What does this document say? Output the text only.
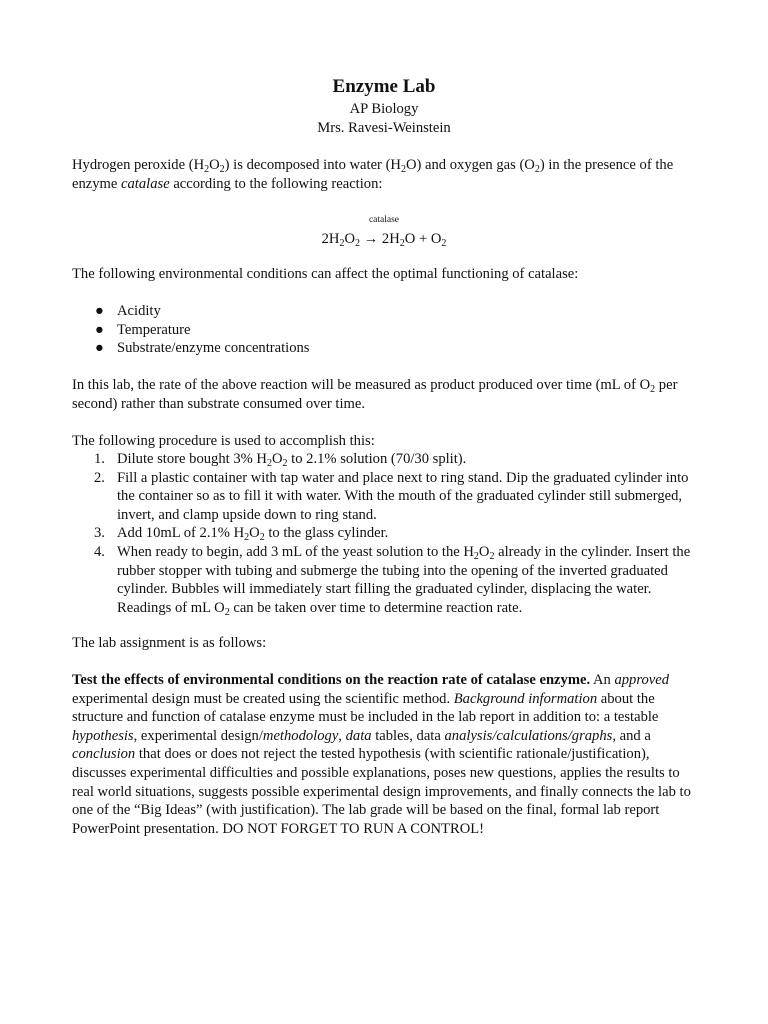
Enzyme Lab
AP Biology
Mrs. Ravesi-Weinstein
Hydrogen peroxide $(H_2O_2)$ is decomposed into water $(H_2O)$ and oxygen gas $(O_2)$ in the presence of the enzyme catalase according to the following reaction:
catalase
$2H_2O_2 \to 2H_2O + O_2$
The following environmental conditions can affect the optimal functioning of catalase:
● Acidity
● Temperature
● Substrate/enzyme concentrations
In this lab, the rate of the above reaction will be measured as product produced over time (mL of $O_2$ per second) rather than substrate consumed over time.
The following procedure is used to accomplish this:
1. Dilute store bought 3% $H_2O_2$ to 2.1% solution (70/30 split).
2. Fill a plastic container with tap water and place next to ring stand. Dip the graduated cylinder into the container so as to fill it with water. With the mouth of the graduated cylinder still submerged, invert, and clamp upside down to ring stand.
3. Add 10mL of 2.1% $H_2O_2$ to the glass cylinder.
4. When ready to begin, add 3 mL of the yeast solution to the $H_2O_2$ already in the cylinder. Insert the rubber stopper with tubing and submerge the tubing into the opening of the inverted graduated cylinder. Bubbles will immediately start filling the graduated cylinder, displacing the water. Readings of mL $O_2$ can be taken over time to determine reaction rate.
The lab assignment is as follows:
Test the effects of environmental conditions on the reaction rate of catalase enzyme. An approved experimental design must be created using the scientific method. Background information about the structure and function of catalase enzyme must be included in the lab report in addition to: a testable hypothesis, experimental design/methodology, data tables, data analysis/calculations/graphs, and a conclusion that does or does not reject the tested hypothesis (with scientific rationale/justification), discusses experimental difficulties and possible explanations, poses new questions, applies the results to real world situations, suggests possible experimental design improvements, and finally connects the lab to one of the “Big Ideas” (with justification). The lab grade will be based on the final, formal lab report PowerPoint presentation. DO NOT FORGET TO RUN A CONTROL!
